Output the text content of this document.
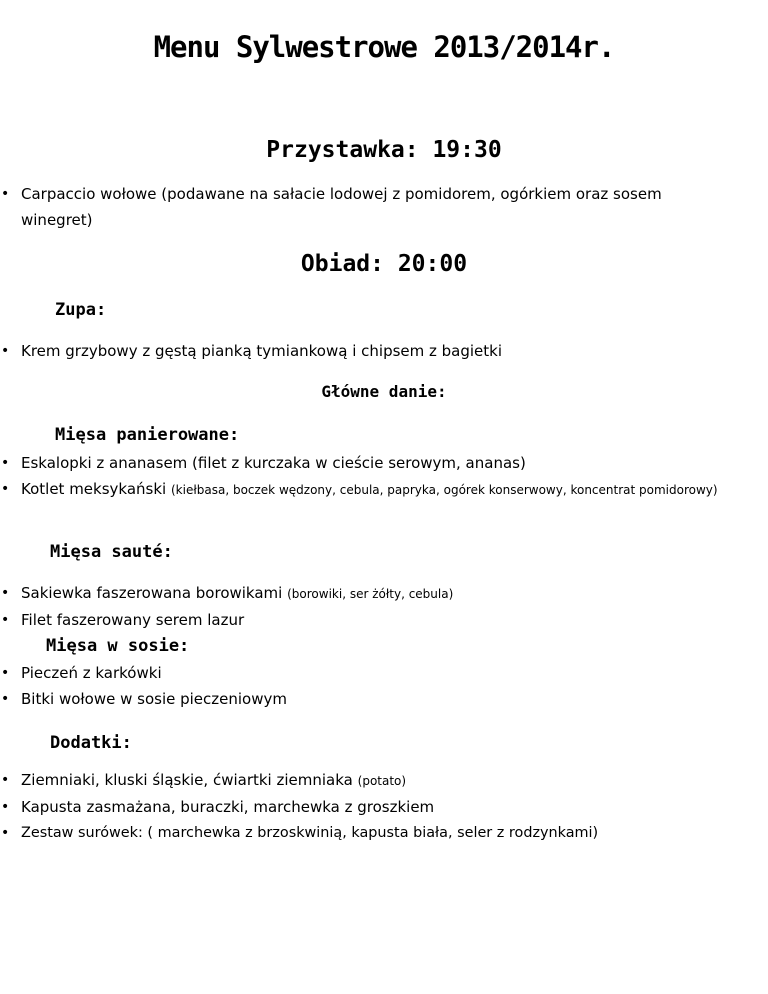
Menu Sylwestrowe 2013/2014r.
Przystawka: 19:30
• Carpaccio wołowe (podawane na sałacie lodowej z pomidorem, ogórkiem oraz sosem winegret)
Obiad: 20:00
Zupa:
• Krem grzybowy z gęstą pianką tymiankową i chipsem z bagietki
Główne danie:
Mięsa panierowane:
• Eskalopki z ananasem (filet z kurczaka w cieście serowym, ananas)
• Kotlet meksykański (kiełbasa, boczek wędzony, cebula, papryka, ogórek konserwowy, koncentrat pomidorowy)
Mięsa sauté:
• Sakiewka faszerowana borowikami (borowiki, ser żółty, cebula)
• Filet faszerowany serem lazur
Mięsa w sosie:
• Pieczeń z karkówki
• Bitki wołowe w sosie pieczeniowym
Dodatki:
• Ziemniaki, kluski śląskie, ćwiartki ziemniaka (potato)
• Kapusta zasmażana, buraczki, marchewka z groszkiem
• Zestaw surówek: ( marchewka z brzoskwinią, kapusta biała, seler z rodzynkami)
